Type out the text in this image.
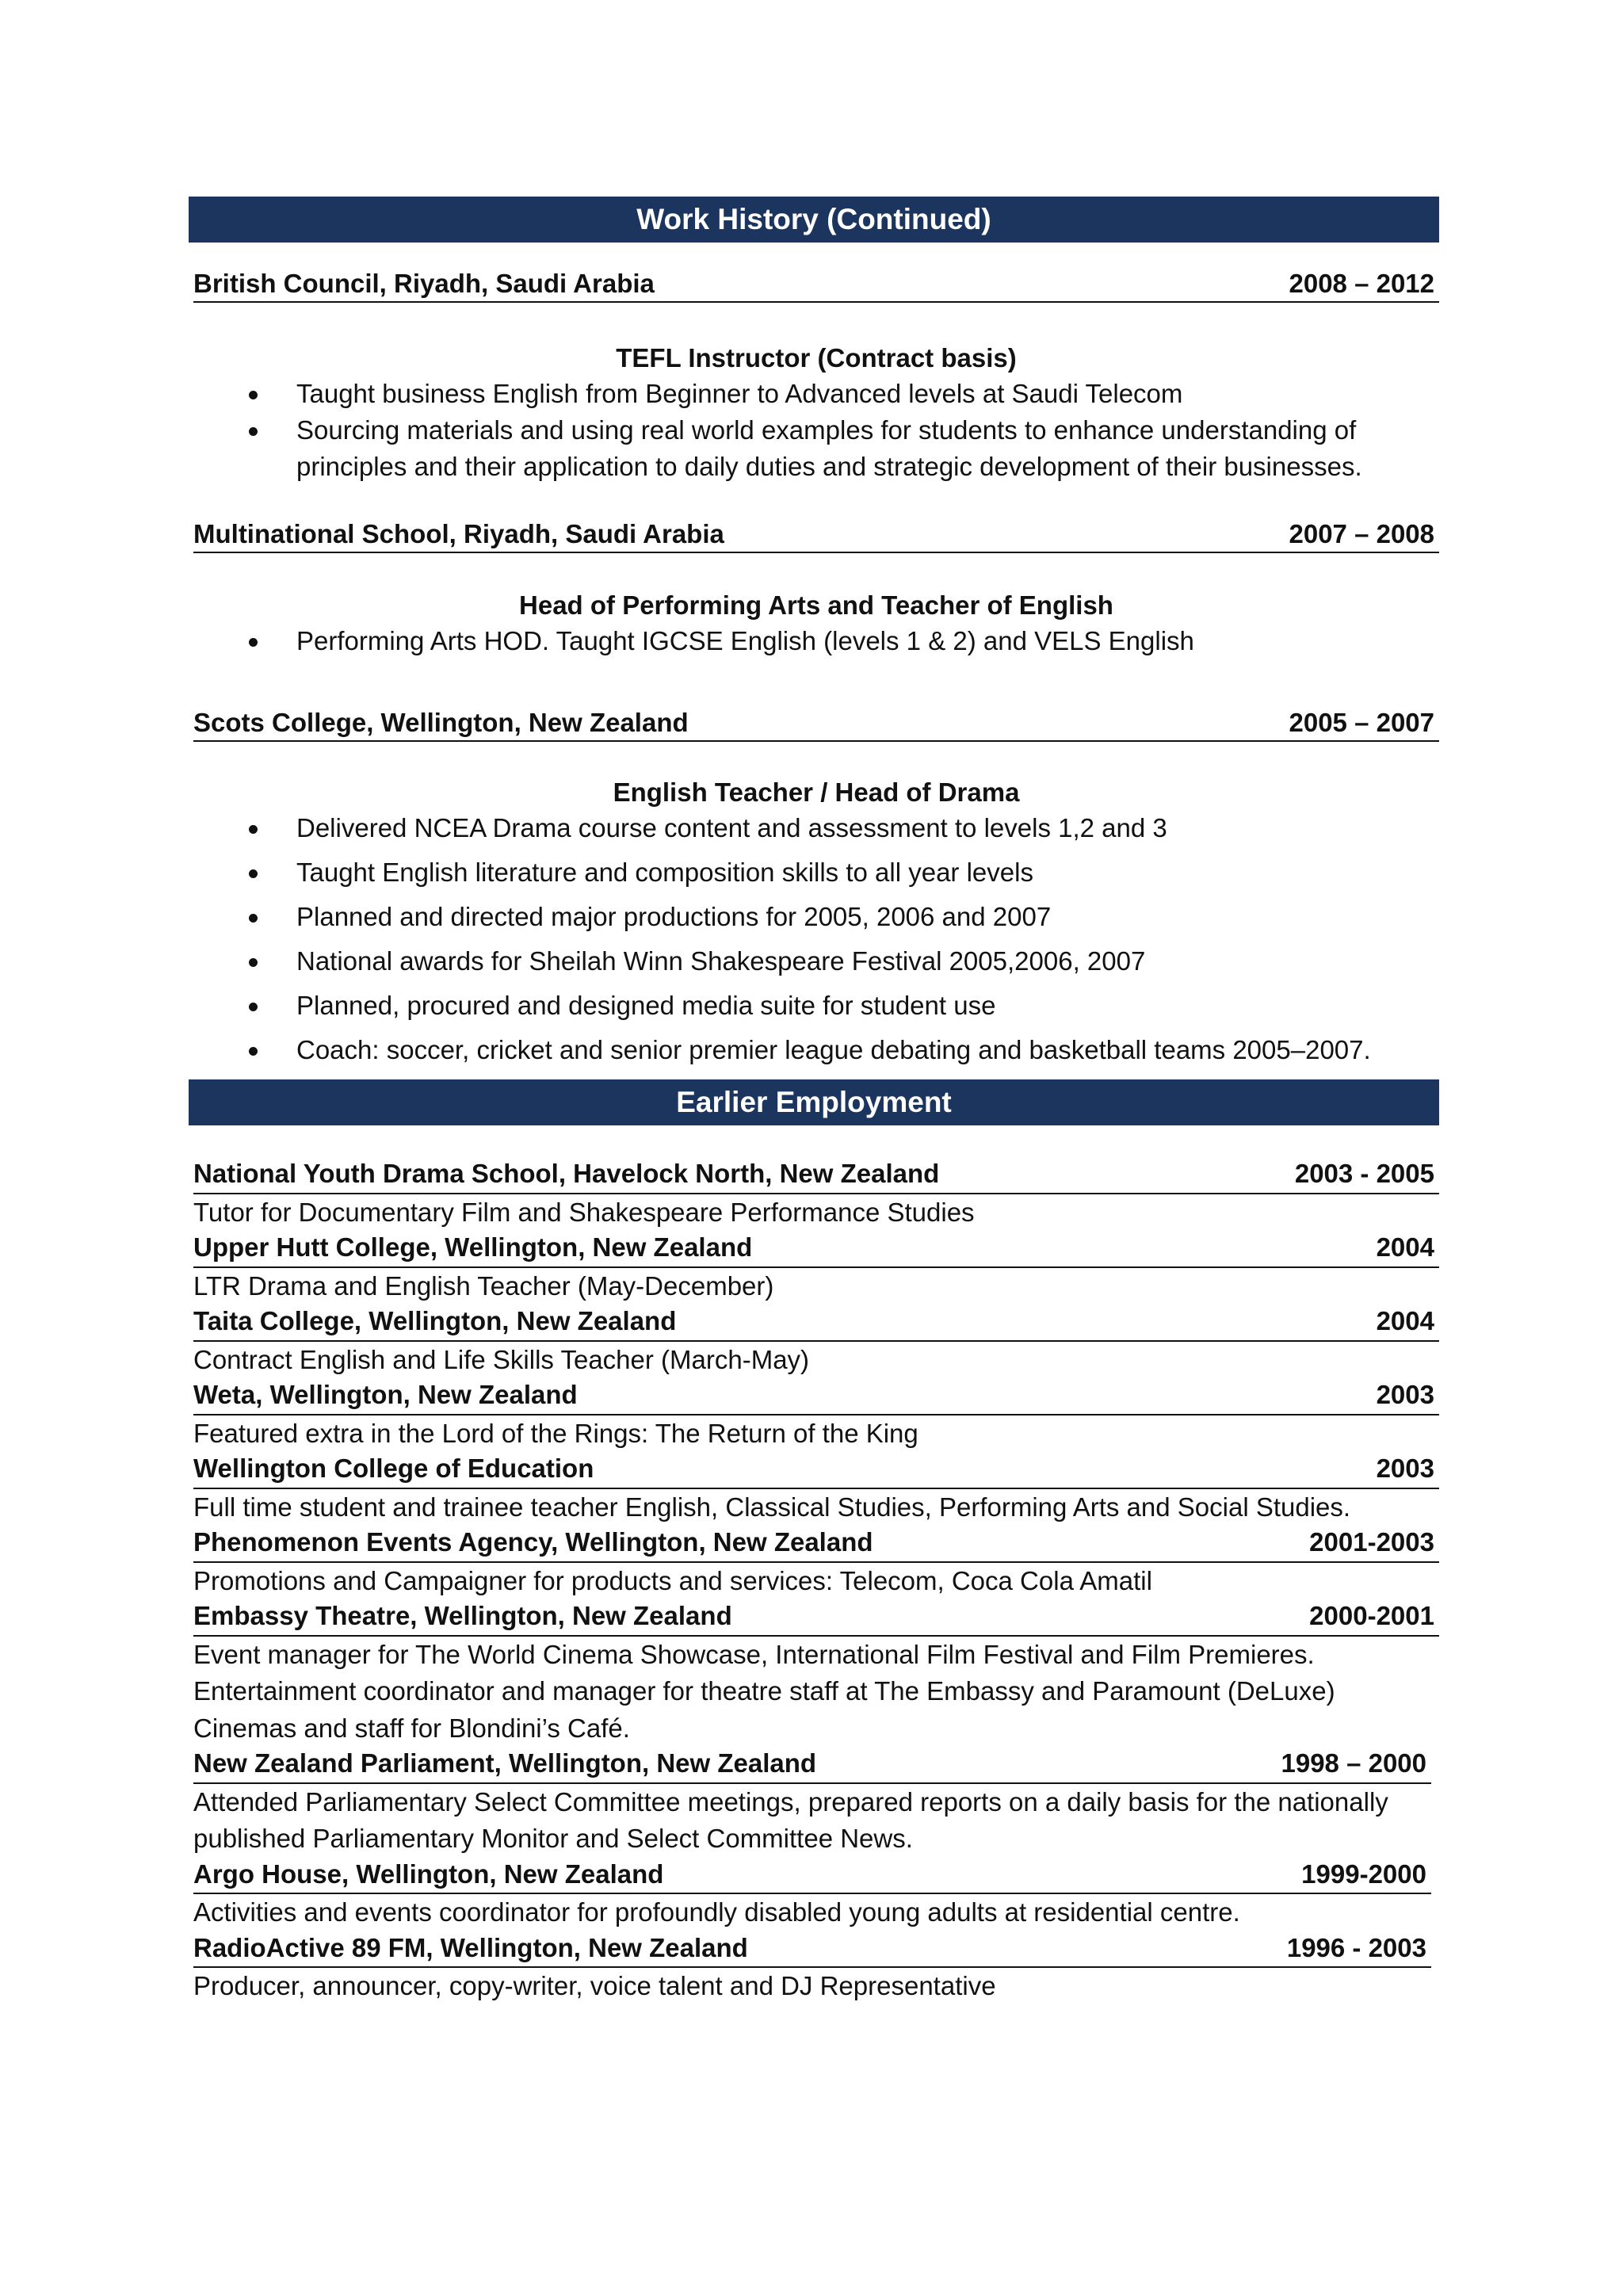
Work History (Continued)
British Council, Riyadh, Saudi Arabia	2008 – 2012
TEFL Instructor (Contract basis)
Taught business English from Beginner to Advanced levels at Saudi Telecom
Sourcing materials and using real world examples for students to enhance understanding of principles and their application to daily duties and strategic development of their businesses.
Multinational School, Riyadh, Saudi Arabia	2007 – 2008
Head of Performing Arts and Teacher of English
Performing Arts HOD. Taught IGCSE English (levels 1 & 2) and VELS English
Scots College, Wellington, New Zealand	2005 – 2007
English Teacher / Head of Drama
Delivered NCEA Drama course content and assessment to levels 1,2 and 3
Taught English literature and composition skills to all year levels
Planned and directed major productions for 2005, 2006 and 2007
National awards for Sheilah Winn Shakespeare Festival 2005,2006, 2007
Planned, procured and designed media suite for student use
Coach: soccer, cricket and senior premier league debating and basketball teams 2005–2007.
Earlier Employment
National Youth Drama School, Havelock North, New Zealand	2003 - 2005
Tutor for Documentary Film and Shakespeare Performance Studies
Upper Hutt College, Wellington, New Zealand	2004
LTR Drama and English Teacher (May-December)
Taita College, Wellington, New Zealand	2004
Contract English and Life Skills Teacher (March-May)
Weta, Wellington, New Zealand	2003
Featured extra in the Lord of the Rings: The Return of the King
Wellington College of Education	2003
Full time student and trainee teacher English, Classical Studies, Performing Arts and Social Studies.
Phenomenon Events Agency, Wellington, New Zealand	2001-2003
Promotions and Campaigner for products and services: Telecom, Coca Cola Amatil
Embassy Theatre, Wellington, New Zealand	2000-2001
Event manager for The World Cinema Showcase, International Film Festival and Film Premieres. Entertainment coordinator and manager for theatre staff at The Embassy and Paramount (DeLuxe) Cinemas and staff for Blondini’s Café.
New Zealand Parliament, Wellington, New Zealand	1998 – 2000
Attended Parliamentary Select Committee meetings, prepared reports on a daily basis for the nationally published Parliamentary Monitor and Select Committee News.
Argo House, Wellington, New Zealand	1999-2000
Activities and events coordinator for profoundly disabled young adults at residential centre.
RadioActive 89 FM, Wellington, New Zealand	1996 - 2003
Producer, announcer, copy-writer, voice talent and DJ Representative
